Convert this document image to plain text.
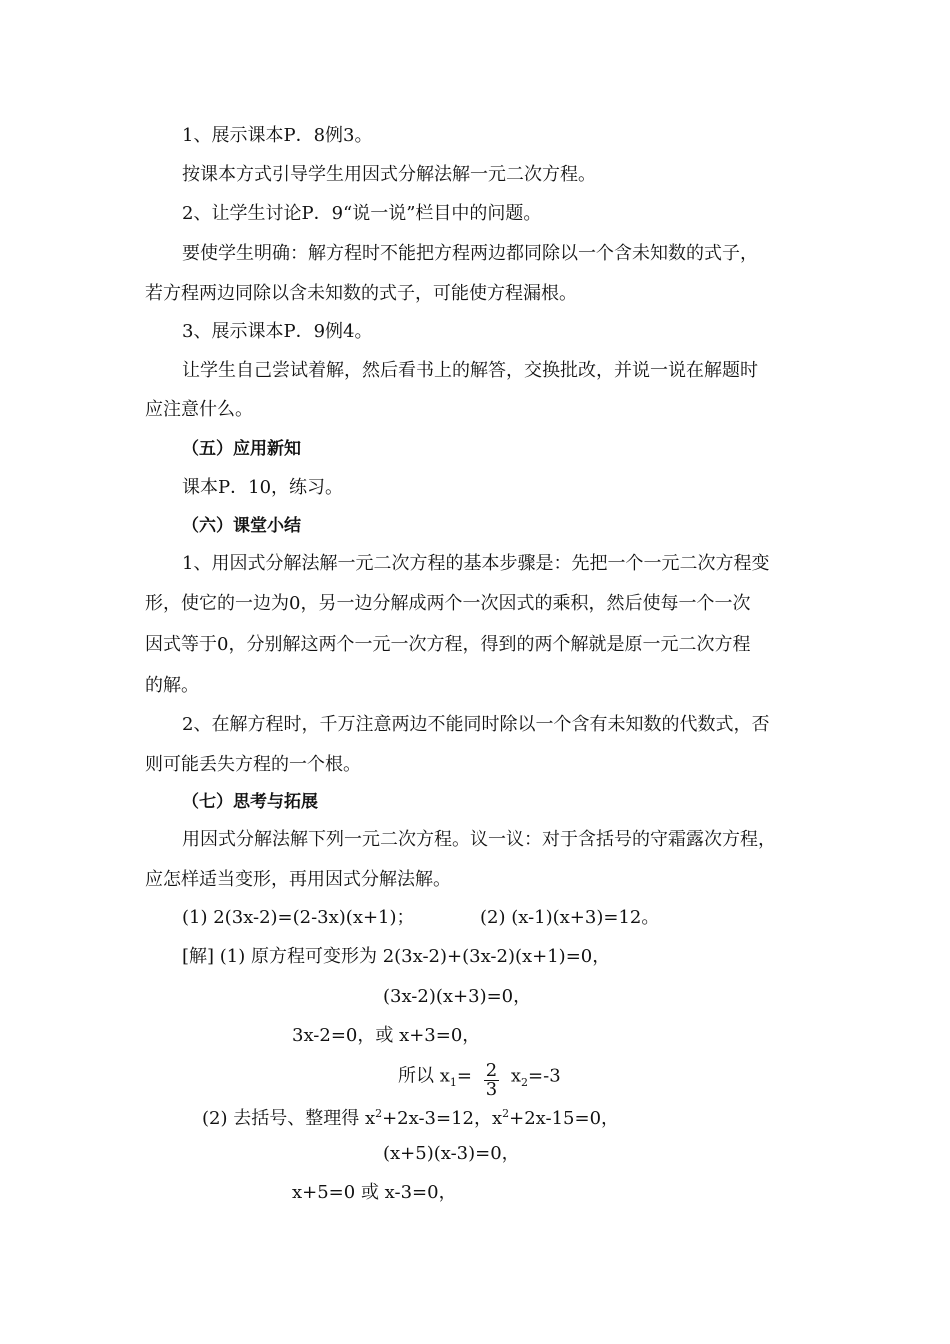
1、展示课本P．8例3。
按课本方式引导学生用因式分解法解一元二次方程。
2、让学生讨论P．9“说一说”栏目中的问题。
要使学生明确：解方程时不能把方程两边都同除以一个含未知数的式子，
若方程两边同除以含未知数的式子，可能使方程漏根。
3、展示课本P．9例4。
让学生自己尝试着解，然后看书上的解答，交换批改，并说一说在解题时
应注意什么。
（五）应用新知
课本P．10，练习。
（六）课堂小结
1、用因式分解法解一元二次方程的基本步骤是：先把一个一元二次方程变
形，使它的一边为0，另一边分解成两个一次因式的乘积，然后使每一个一次
因式等于0，分别解这两个一元一次方程，得到的两个解就是原一元二次方程
的解。
2、在解方程时，千万注意两边不能同时除以一个含有未知数的代数式，否
则可能丢失方程的一个根。
（七）思考与拓展
用因式分解法解下列一元二次方程。议一议：对于含括号的守霜露次方程，
应怎样适当变形，再用因式分解法解。
(1) 2(3x-2)=(2-3x)(x+1)；	(2) (x-1)(x+3)=12。
[解] (1) 原方程可变形为 2(3x-2)+(3x-2)(x+1)=0，
(3x-2)(x+3)=0，
3x-2=0，或 x+3=0，
所以 $x_1= \frac{2}{3} x_2=-3$
(2) 去括号、整理得 $x^2+2x-3=12$，$x^2+2x-15=0$，
(x+5)(x-3)=0，
x+5=0 或 x-3=0，
